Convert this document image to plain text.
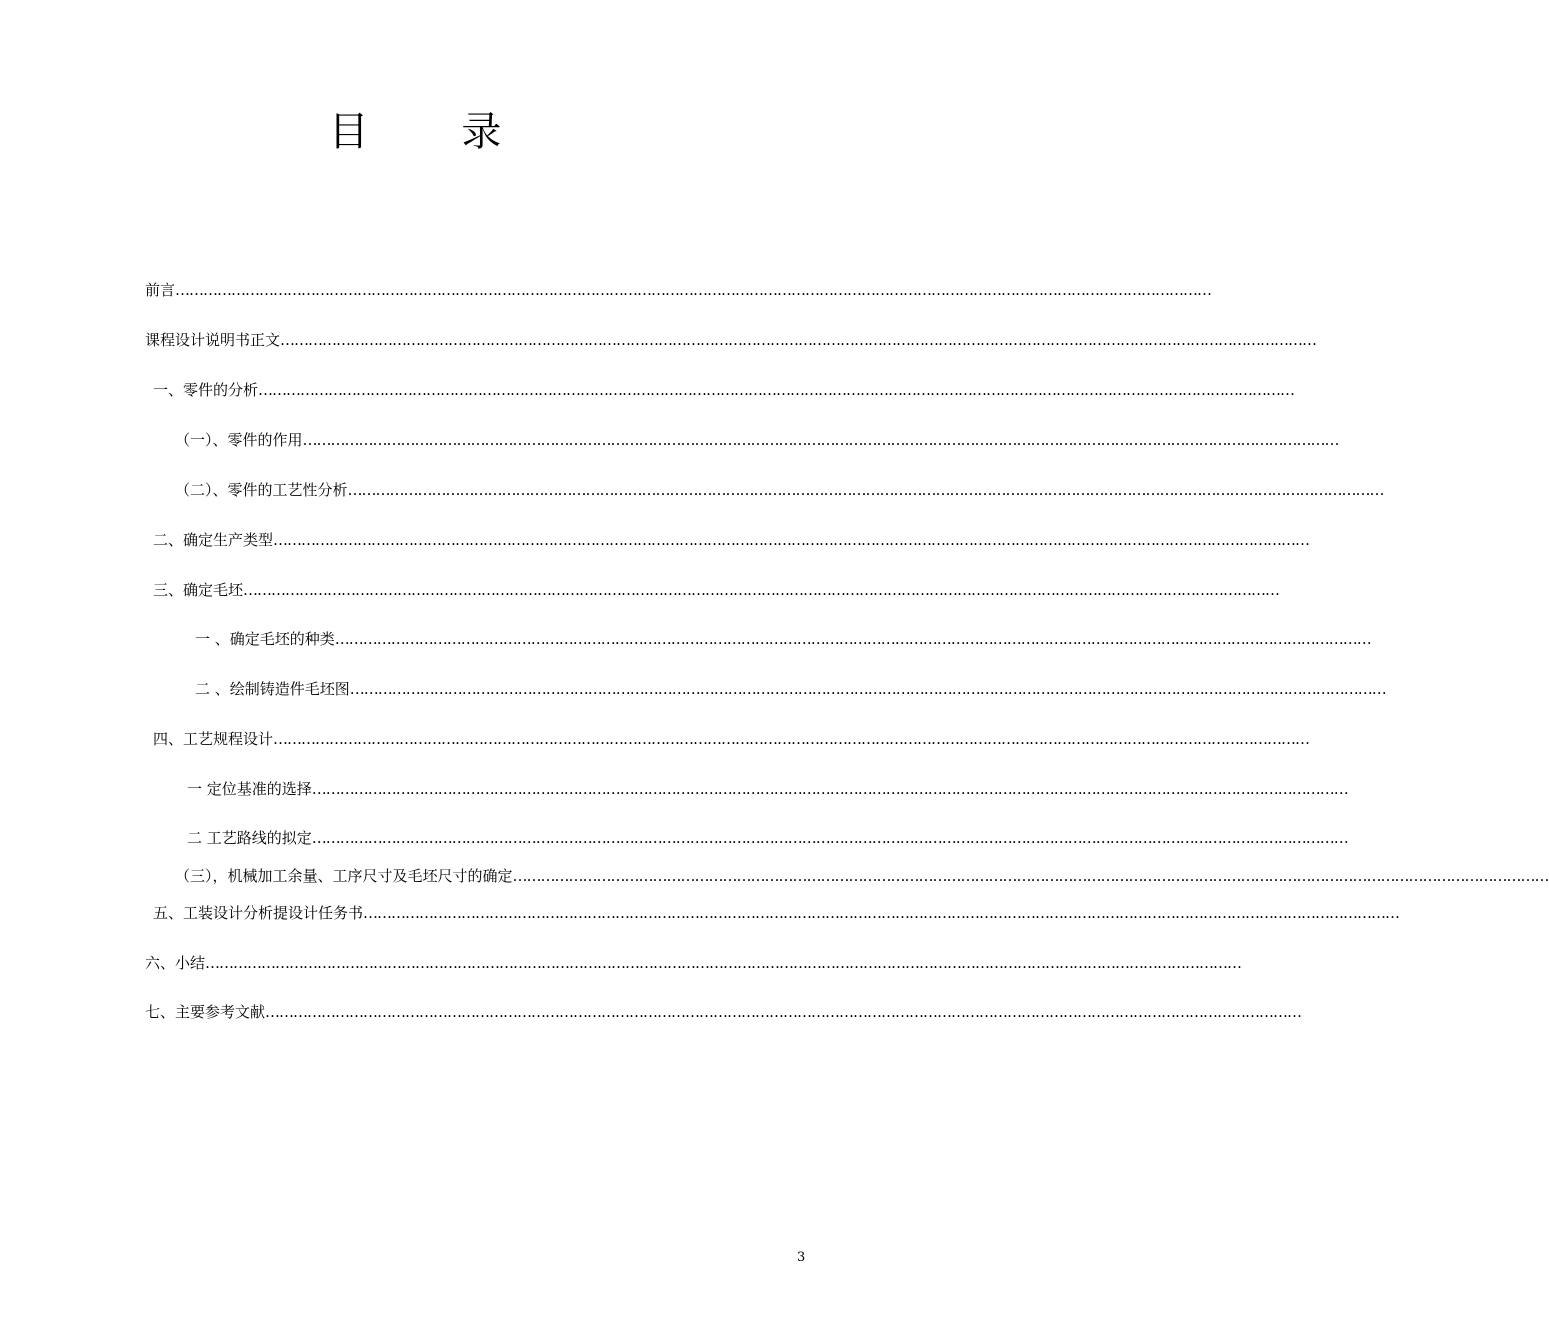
目 录
前言 ……………………………………………………………………………………………………………………………………………………………………………………………………
课程设计说明书正文 ……………………………………………………………………………………………………………………………………………………………………………………………………
一、零件的分析 ……………………………………………………………………………………………………………………………………………………………………………………………………
（一）、零件的作用 ……………………………………………………………………………………………………………………………………………………………………………………………………
（二）、零件的工艺性分析 ……………………………………………………………………………………………………………………………………………………………………………………………………
二、确定生产类型 ……………………………………………………………………………………………………………………………………………………………………………………………………
三、确定毛坯 ……………………………………………………………………………………………………………………………………………………………………………………………………
一 、确定毛坯的种类 ……………………………………………………………………………………………………………………………………………………………………………………………………
二 、绘制铸造件毛坯图 ……………………………………………………………………………………………………………………………………………………………………………………………………
四、工艺规程设计 ……………………………………………………………………………………………………………………………………………………………………………………………………
一 定位基准的选择 ……………………………………………………………………………………………………………………………………………………………………………………………………
二 工艺路线的拟定 ……………………………………………………………………………………………………………………………………………………………………………………………………
（三），机械加工余量、工序尺寸及毛坯尺寸的确定 ……………………………………………………………………………………………………………………………………………………………………………………………………
五、工装设计分析提设计任务书 ……………………………………………………………………………………………………………………………………………………………………………………………………
六、小结 ……………………………………………………………………………………………………………………………………………………………………………………………………
七、主要参考文献 ……………………………………………………………………………………………………………………………………………………………………………………………………
3
